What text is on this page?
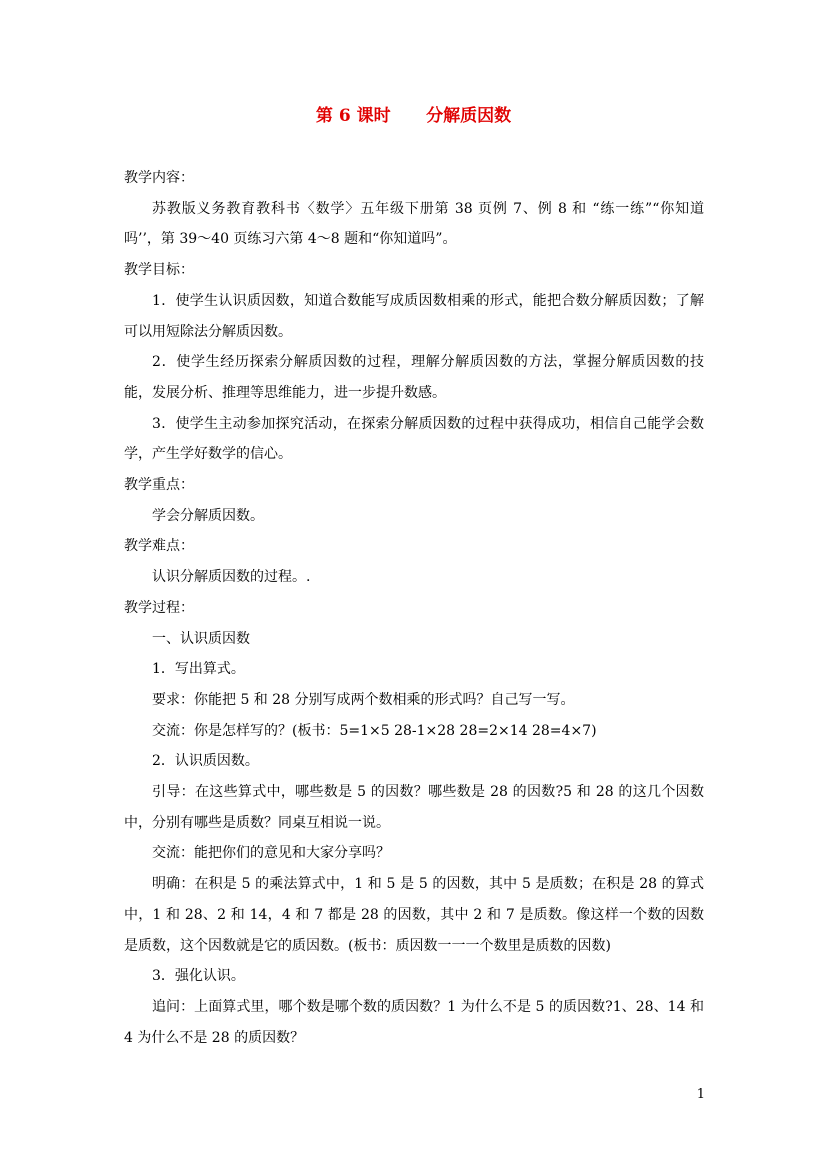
第 6 课时      分解质因数

教学内容：

苏教版义务教育教科书〈数学〉五年级下册第 38 页例 7、例 8 和 “练一练”“你知道吗’’，第 39～40 页练习六第 4～8 题和“你知道吗”。

教学目标：

1．使学生认识质因数，知道合数能写成质因数相乘的形式，能把合数分解质因数；了解可以用短除法分解质因数。

2．使学生经历探索分解质因数的过程，理解分解质因数的方法，掌握分解质因数的技能，发展分析、推理等思维能力，进一步提升数感。

3．使学生主动参加探究活动，在探索分解质因数的过程中获得成功，相信自己能学会数学，产生学好数学的信心。

教学重点：

学会分解质因数。

教学难点：

认识分解质因数的过程。.

教学过程：

一、认识质因数

1．写出算式。

要求：你能把 5 和 28 分别写成两个数相乘的形式吗？自己写一写。

交流：你是怎样写的？(板书：5=1×5 28-1×28 28=2×14 28=4×7)

2．认识质因数。

引导：在这些算式中，哪些数是 5 的因数？哪些数是 28 的因数?5 和 28 的这几个因数中，分别有哪些是质数？同桌互相说一说。

交流：能把你们的意见和大家分享吗？

明确：在积是 5 的乘法算式中，1 和 5 是 5 的因数，其中 5 是质数；在积是 28 的算式中，1 和 28、2 和 14，4 和 7 都是 28 的因数，其中 2 和 7 是质数。像这样一个数的因数是质数，这个因数就是它的质因数。(板书：质因数一一一个数里是质数的因数)

3．强化认识。

追问：上面算式里，哪个数是哪个数的质因数？1 为什么不是 5 的质因数?1、28、14 和 4 为什么不是 28 的质因数？

1
